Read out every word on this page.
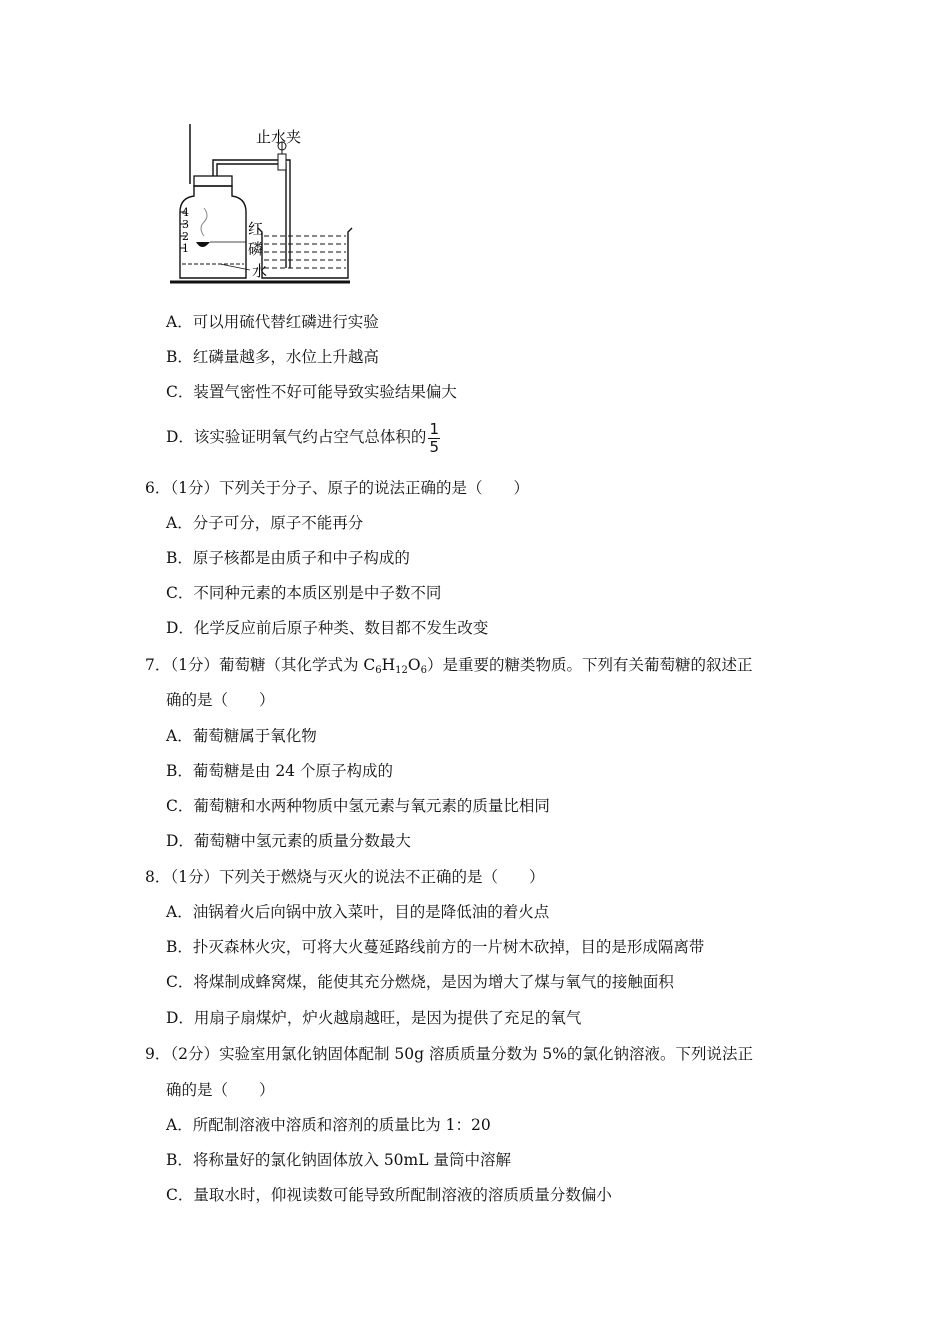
4
3
2
1
止水夹
红
磷
水
A．可以用硫代替红磷进行实验
B．红磷量越多，水位上升越高
C．装置气密性不好可能导致实验结果偏大
D．该实验证明氧气约占空气总体积的 $\frac{1}{5}$
6．（1分）下列关于分子、原子的说法正确的是（　　）
A．分子可分，原子不能再分
B．原子核都是由质子和中子构成的
C．不同种元素的本质区别是中子数不同
D．化学反应前后原子种类、数目都不发生改变
7．（1分）葡萄糖（其化学式为 $C_6H_{12}O_6$）是重要的糖类物质。下列有关葡萄糖的叙述正
确的是（　　）
A．葡萄糖属于氧化物
B．葡萄糖是由 24 个原子构成的
C．葡萄糖和水两种物质中氢元素与氧元素的质量比相同
D．葡萄糖中氢元素的质量分数最大
8．（1分）下列关于燃烧与灭火的说法不正确的是（　　）
A．油锅着火后向锅中放入菜叶，目的是降低油的着火点
B．扑灭森林火灾，可将大火蔓延路线前方的一片树木砍掉，目的是形成隔离带
C．将煤制成蜂窝煤，能使其充分燃烧，是因为增大了煤与氧气的接触面积
D．用扇子扇煤炉，炉火越扇越旺，是因为提供了充足的氧气
9．（2分）实验室用氯化钠固体配制 50g 溶质质量分数为 5%的氯化钠溶液。下列说法正
确的是（　　）
A．所配制溶液中溶质和溶剂的质量比为 1：20
B．将称量好的氯化钠固体放入 50mL 量筒中溶解
C．量取水时，仰视读数可能导致所配制溶液的溶质质量分数偏小
